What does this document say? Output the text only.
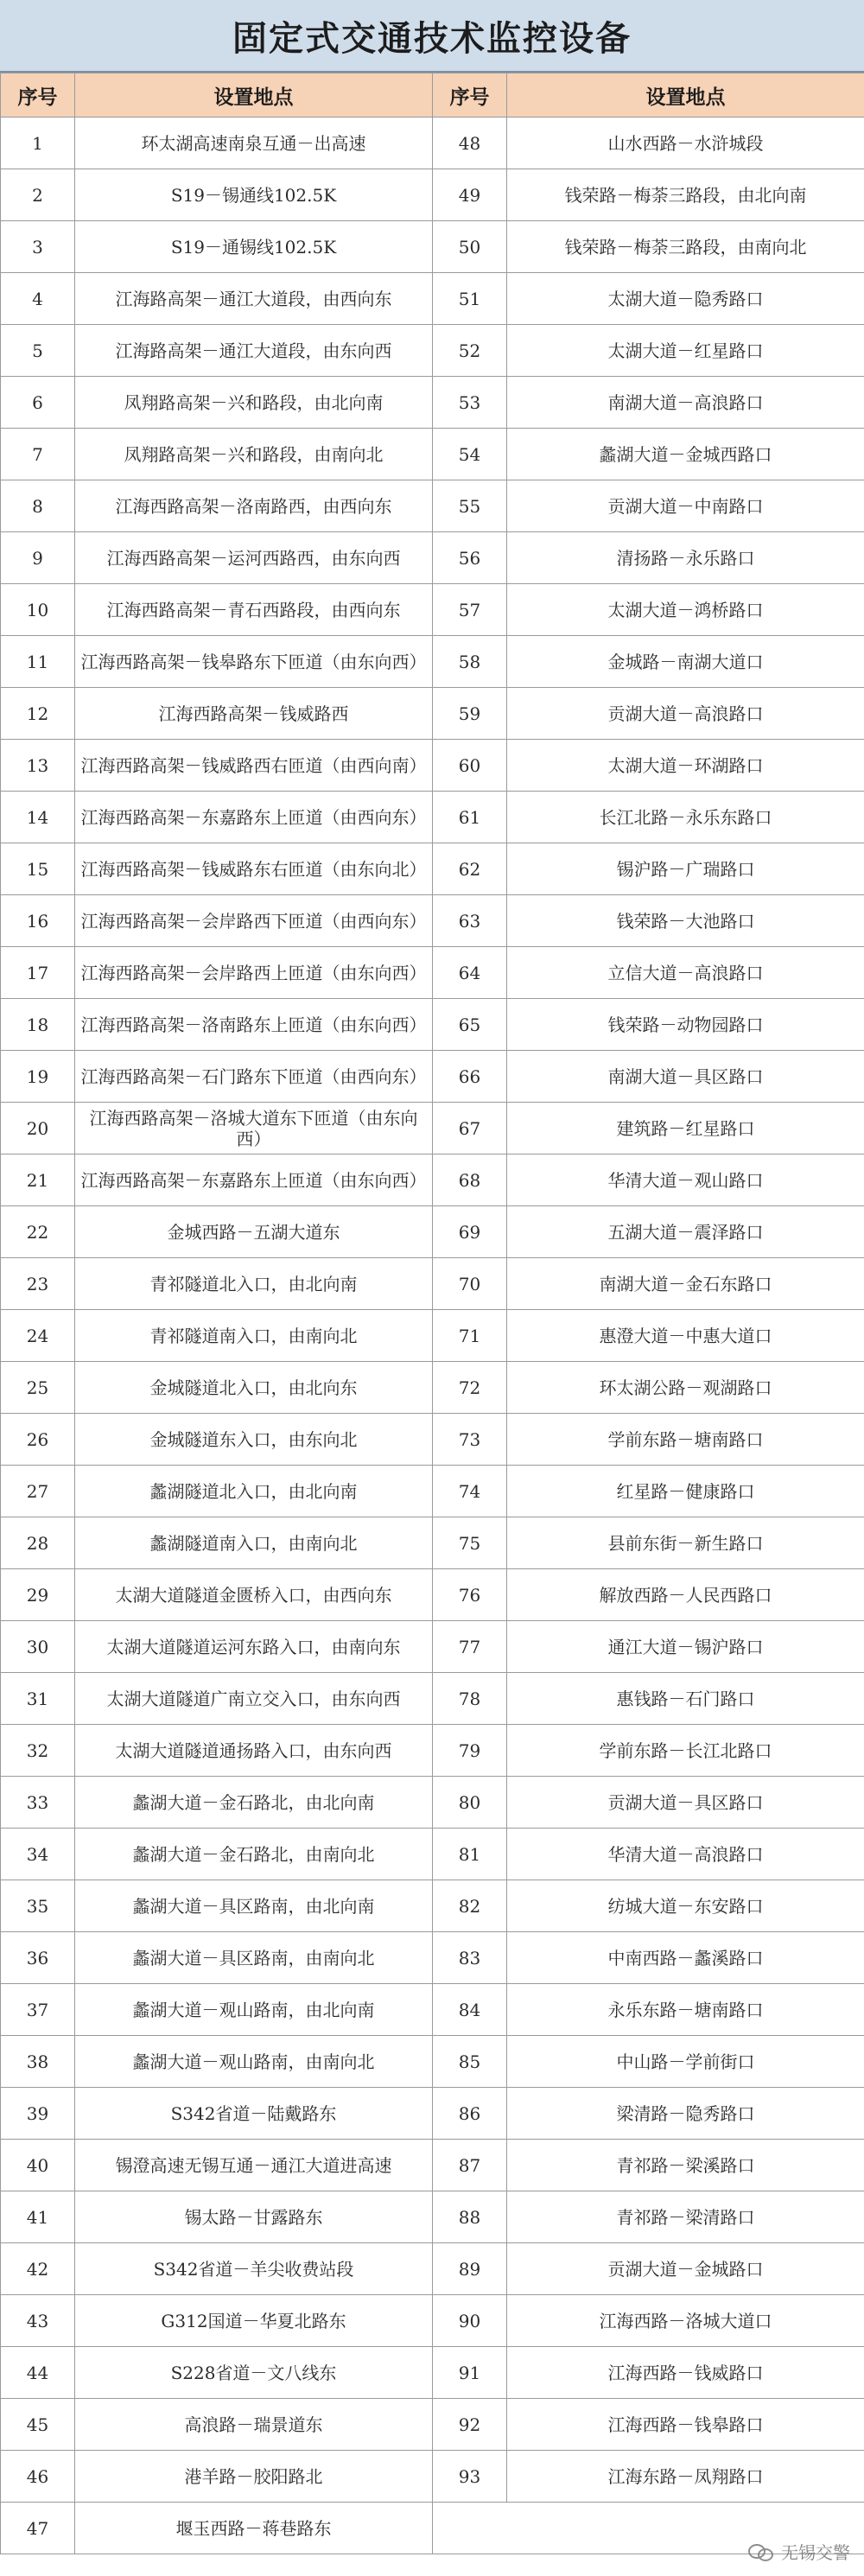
固定式交通技术监控设备
序号	设置地点	序号	设置地点
1	环太湖高速南泉互通－出高速	48	山水西路－水浒城段
2	S19－锡通线102.5K	49	钱荣路－梅荼三路段，由北向南
3	S19－通锡线102.5K	50	钱荣路－梅荼三路段，由南向北
4	江海路高架－通江大道段，由西向东	51	太湖大道－隐秀路口
5	江海路高架－通江大道段，由东向西	52	太湖大道－红星路口
6	凤翔路高架－兴和路段，由北向南	53	南湖大道－高浪路口
7	凤翔路高架－兴和路段，由南向北	54	蠡湖大道－金城西路口
8	江海西路高架－洛南路西，由西向东	55	贡湖大道－中南路口
9	江海西路高架－运河西路西，由东向西	56	清扬路－永乐路口
10	江海西路高架－青石西路段，由西向东	57	太湖大道－鸿桥路口
11	江海西路高架－钱皋路东下匝道（由东向西）	58	金城路－南湖大道口
12	江海西路高架－钱威路西	59	贡湖大道－高浪路口
13	江海西路高架－钱威路西右匝道（由西向南）	60	太湖大道－环湖路口
14	江海西路高架－东嘉路东上匝道（由西向东）	61	长江北路－永乐东路口
15	江海西路高架－钱威路东右匝道（由东向北）	62	锡沪路－广瑞路口
16	江海西路高架－会岸路西下匝道（由西向东）	63	钱荣路－大池路口
17	江海西路高架－会岸路西上匝道（由东向西）	64	立信大道－高浪路口
18	江海西路高架－洛南路东上匝道（由东向西）	65	钱荣路－动物园路口
19	江海西路高架－石门路东下匝道（由西向东）	66	南湖大道－具区路口
20	江海西路高架－洛城大道东下匝道（由东向西）	67	建筑路－红星路口
21	江海西路高架－东嘉路东上匝道（由东向西）	68	华清大道－观山路口
22	金城西路－五湖大道东	69	五湖大道－震泽路口
23	青祁隧道北入口，由北向南	70	南湖大道－金石东路口
24	青祁隧道南入口，由南向北	71	惠澄大道－中惠大道口
25	金城隧道北入口，由北向东	72	环太湖公路－观湖路口
26	金城隧道东入口，由东向北	73	学前东路－塘南路口
27	蠡湖隧道北入口，由北向南	74	红星路－健康路口
28	蠡湖隧道南入口，由南向北	75	县前东街－新生路口
29	太湖大道隧道金匮桥入口，由西向东	76	解放西路－人民西路口
30	太湖大道隧道运河东路入口，由南向东	77	通江大道－锡沪路口
31	太湖大道隧道广南立交入口，由东向西	78	惠钱路－石门路口
32	太湖大道隧道通扬路入口，由东向西	79	学前东路－长江北路口
33	蠡湖大道－金石路北，由北向南	80	贡湖大道－具区路口
34	蠡湖大道－金石路北，由南向北	81	华清大道－高浪路口
35	蠡湖大道－具区路南，由北向南	82	纺城大道－东安路口
36	蠡湖大道－具区路南，由南向北	83	中南西路－蠡溪路口
37	蠡湖大道－观山路南，由北向南	84	永乐东路－塘南路口
38	蠡湖大道－观山路南，由南向北	85	中山路－学前街口
39	S342省道－陆戴路东	86	梁清路－隐秀路口
40	锡澄高速无锡互通－通江大道进高速	87	青祁路－梁溪路口
41	锡太路－甘露路东	88	青祁路－梁清路口
42	S342省道－羊尖收费站段	89	贡湖大道－金城路口
43	G312国道－华夏北路东	90	江海西路－洛城大道口
44	S228省道－文八线东	91	江海西路－钱威路口
45	高浪路－瑞景道东	92	江海西路－钱皋路口
46	港羊路－胶阳路北	93	江海东路－凤翔路口
47	堰玉西路－蒋巷路东		
无锡交警
